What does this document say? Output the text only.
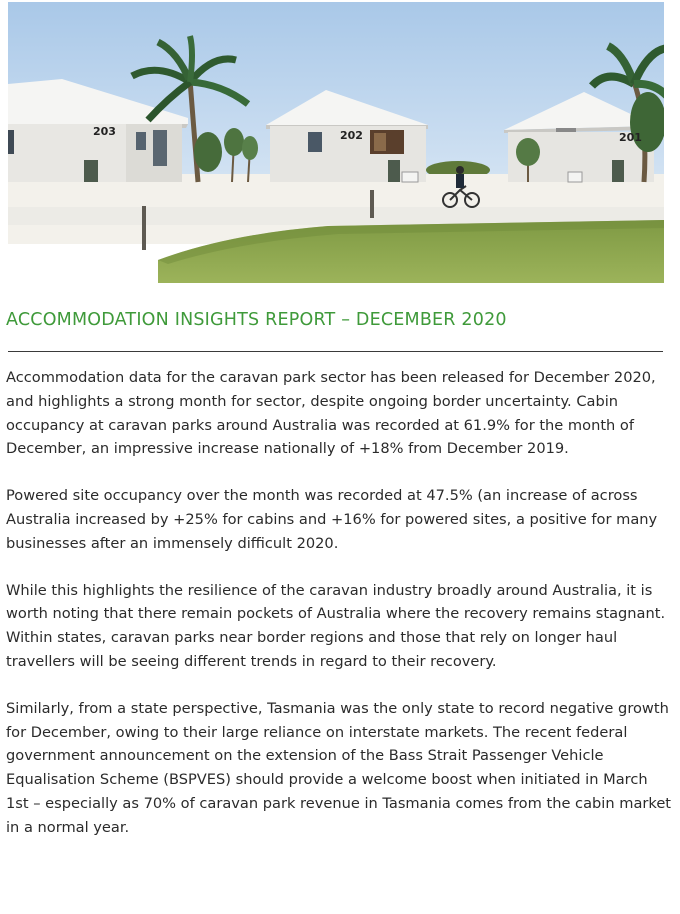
203	202	201
ACCOMMODATION INSIGHTS REPORT – DECEMBER 2020

Accommodation data for the caravan park sector has been released for December 2020, and highlights a strong month for sector, despite ongoing border uncertainty. Cabin occupancy at caravan parks around Australia was recorded at 61.9% for the month of December, an impressive increase nationally of +18% from December 2019.

Powered site occupancy over the month was recorded at 47.5% (an increase of across Australia increased by +25% for cabins and +16% for powered sites, a positive for many businesses after an immensely difficult 2020.

While this highlights the resilience of the caravan industry broadly around Australia, it is worth noting that there remain pockets of Australia where the recovery remains stagnant. Within states, caravan parks near border regions and those that rely on longer haul travellers will be seeing different trends in regard to their recovery.

Similarly, from a state perspective, Tasmania was the only state to record negative growth for December, owing to their large reliance on interstate markets. The recent federal government announcement on the extension of the Bass Strait Passenger Vehicle Equalisation Scheme (BSPVES) should provide a welcome boost when initiated in March 1st – especially as 70% of caravan park revenue in Tasmania comes from the cabin market in a normal year.
